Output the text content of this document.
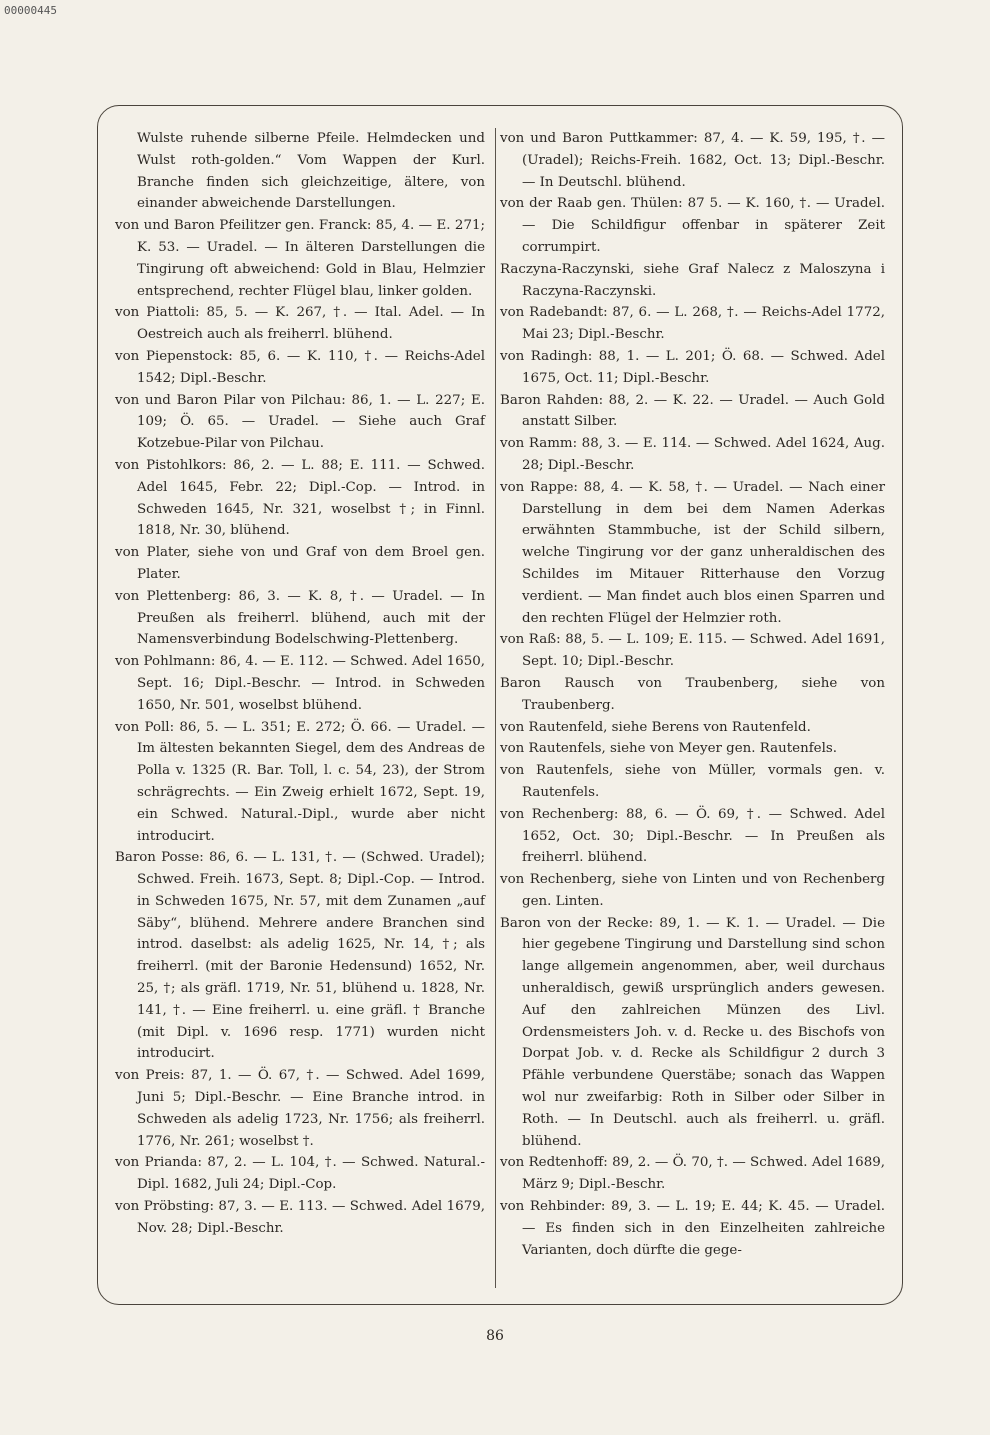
00000445

Wulste ruhende silberne Pfeile. Helmdecken und Wulst roth-golden.“ Vom Wappen der Kurl. Branche finden sich gleichzeitige, ältere, von einander abweichende Darstellungen.

von und Baron Pfeilitzer gen. Franck: 85, 4. — E. 271; K. 53. — Uradel. — In älteren Darstellungen die Tingirung oft abweichend: Gold in Blau, Helmzier entsprechend, rechter Flügel blau, linker golden.

von Piattoli: 85, 5. — K. 267, †. — Ital. Adel. — In Oestreich auch als freiherrl. blühend.

von Piepenstock: 85, 6. — K. 110, †. — Reichs-Adel 1542; Dipl.-Beschr.

von und Baron Pilar von Pilchau: 86, 1. — L. 227; E. 109; Ö. 65. — Uradel. — Siehe auch Graf Kotzebue-Pilar von Pilchau.

von Pistohlkors: 86, 2. — L. 88; E. 111. — Schwed. Adel 1645, Febr. 22; Dipl.-Cop. — Introd. in Schweden 1645, Nr. 321, woselbst †; in Finnl. 1818, Nr. 30, blühend.

von Plater, siehe von und Graf von dem Broel gen. Plater.

von Plettenberg: 86, 3. — K. 8, †. — Uradel. — In Preußen als freiherrl. blühend, auch mit der Namensverbindung Bodelschwing-Plettenberg.

von Pohlmann: 86, 4. — E. 112. — Schwed. Adel 1650, Sept. 16; Dipl.-Beschr. — Introd. in Schweden 1650, Nr. 501, woselbst blühend.

von Poll: 86, 5. — L. 351; E. 272; Ö. 66. — Uradel. — Im ältesten bekannten Siegel, dem des Andreas de Polla v. 1325 (R. Bar. Toll, l. c. 54, 23), der Strom schrägrechts. — Ein Zweig erhielt 1672, Sept. 19, ein Schwed. Natural.-Dipl., wurde aber nicht introducirt.

Baron Posse: 86, 6. — L. 131, †. — (Schwed. Uradel); Schwed. Freih. 1673, Sept. 8; Dipl.-Cop. — Introd. in Schweden 1675, Nr. 57, mit dem Zunamen „auf Säby“, blühend. Mehrere andere Branchen sind introd. daselbst: als adelig 1625, Nr. 14, †; als freiherrl. (mit der Baronie Hedensund) 1652, Nr. 25, †; als gräfl. 1719, Nr. 51, blühend u. 1828, Nr. 141, †. — Eine freiherrl. u. eine gräfl. † Branche (mit Dipl. v. 1696 resp. 1771) wurden nicht introducirt.

von Preis: 87, 1. — Ö. 67, †. — Schwed. Adel 1699, Juni 5; Dipl.-Beschr. — Eine Branche introd. in Schweden als adelig 1723, Nr. 1756; als freiherrl. 1776, Nr. 261; woselbst †.

von Prianda: 87, 2. — L. 104, †. — Schwed. Natural.-Dipl. 1682, Juli 24; Dipl.-Cop.

von Pröbsting: 87, 3. — E. 113. — Schwed. Adel 1679, Nov. 28; Dipl.-Beschr.

von und Baron Puttkammer: 87, 4. — K. 59, 195, †. — (Uradel); Reichs-Freih. 1682, Oct. 13; Dipl.-Beschr. — In Deutschl. blühend.

von der Raab gen. Thülen: 87 5. — K. 160, †. — Uradel. — Die Schildfigur offenbar in späterer Zeit corrumpirt.

Raczyna-Raczynski, siehe Graf Nalecz z Maloszyna i Raczyna-Raczynski.

von Radebandt: 87, 6. — L. 268, †. — Reichs-Adel 1772, Mai 23; Dipl.-Beschr.

von Radingh: 88, 1. — L. 201; Ö. 68. — Schwed. Adel 1675, Oct. 11; Dipl.-Beschr.

Baron Rahden: 88, 2. — K. 22. — Uradel. — Auch Gold anstatt Silber.

von Ramm: 88, 3. — E. 114. — Schwed. Adel 1624, Aug. 28; Dipl.-Beschr.

von Rappe: 88, 4. — K. 58, †. — Uradel. — Nach einer Darstellung in dem bei dem Namen Aderkas erwähnten Stammbuche, ist der Schild silbern, welche Tingirung vor der ganz unheraldischen des Schildes im Mitauer Ritterhause den Vorzug verdient. — Man findet auch blos einen Sparren und den rechten Flügel der Helmzier roth.

von Raß: 88, 5. — L. 109; E. 115. — Schwed. Adel 1691, Sept. 10; Dipl.-Beschr.

Baron Rausch von Traubenberg, siehe von Traubenberg.

von Rautenfeld, siehe Berens von Rautenfeld.

von Rautenfels, siehe von Meyer gen. Rautenfels.

von Rautenfels, siehe von Müller, vormals gen. v. Rautenfels.

von Rechenberg: 88, 6. — Ö. 69, †. — Schwed. Adel 1652, Oct. 30; Dipl.-Beschr. — In Preußen als freiherrl. blühend.

von Rechenberg, siehe von Linten und von Rechenberg gen. Linten.

Baron von der Recke: 89, 1. — K. 1. — Uradel. — Die hier gegebene Tingirung und Darstellung sind schon lange allgemein angenommen, aber, weil durchaus unheraldisch, gewiß ursprünglich anders gewesen. Auf den zahlreichen Münzen des Livl. Ordensmeisters Joh. v. d. Recke u. des Bischofs von Dorpat Job. v. d. Recke als Schildfigur 2 durch 3 Pfähle verbundene Querstäbe; sonach das Wappen wol nur zweifarbig: Roth in Silber oder Silber in Roth. — In Deutschl. auch als freiherrl. u. gräfl. blühend.

von Redtenhoff: 89, 2. — Ö. 70, †. — Schwed. Adel 1689, März 9; Dipl.-Beschr.

von Rehbinder: 89, 3. — L. 19; E. 44; K. 45. — Uradel. — Es finden sich in den Einzelheiten zahlreiche Varianten, doch dürfte die gege-

86
